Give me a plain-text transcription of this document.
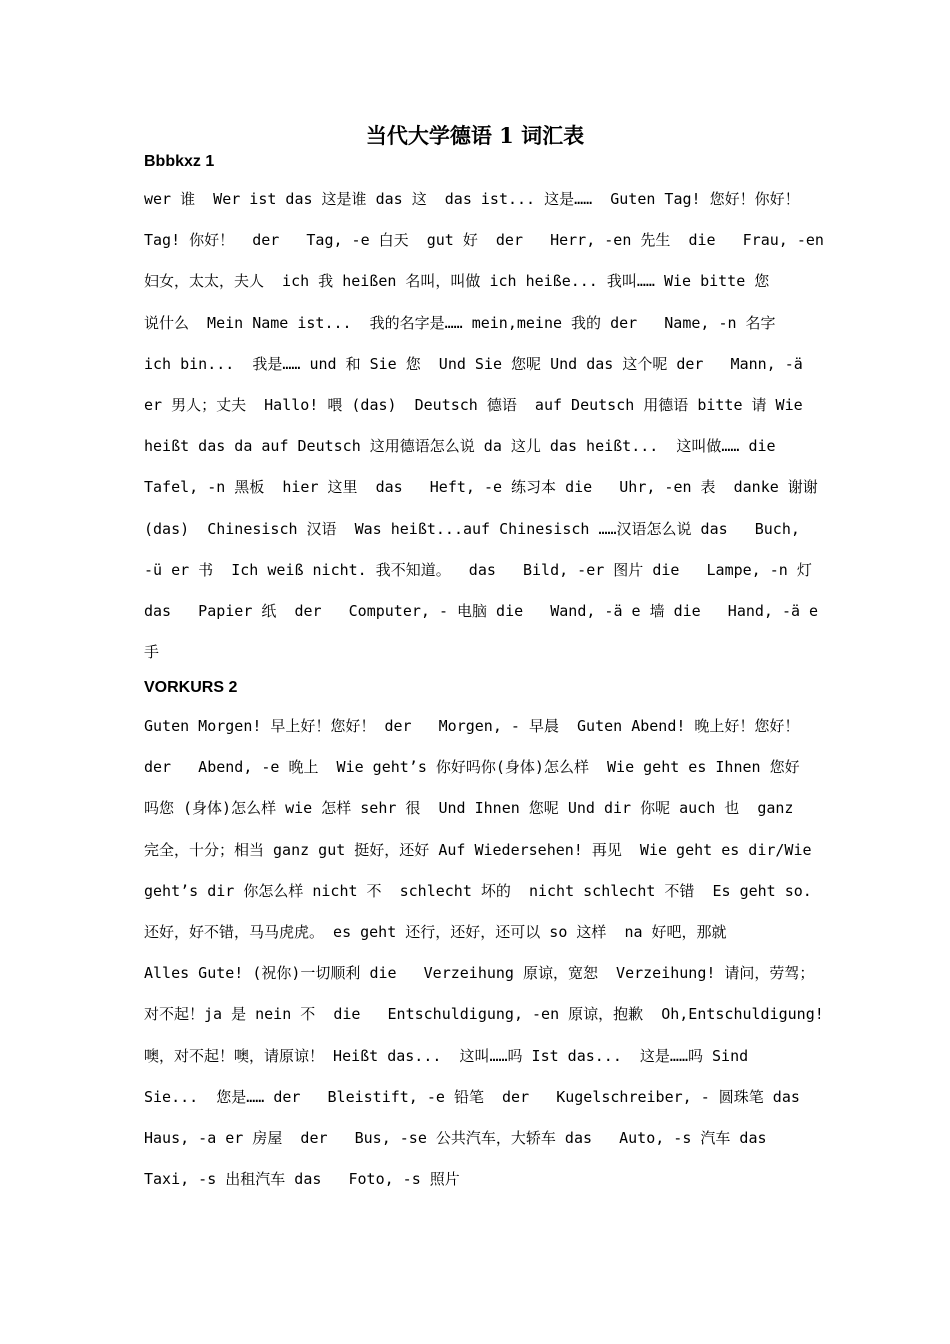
当代大学德语 1 词汇表
Bbbkxz 1
wer 谁  Wer ist das 这是谁 das 这  das ist... 这是……  Guten Tag! 您好！你好！
Tag! 你好！  der   Tag, -e 白天  gut 好  der   Herr, -en 先生  die   Frau, -en
妇女，太太，夫人  ich 我 heißen 名叫，叫做 ich heiße... 我叫…… Wie bitte 您
说什么  Mein Name ist...  我的名字是…… mein,meine 我的 der   Name, -n 名字
ich bin...  我是…… und 和 Sie 您  Und Sie 您呢 Und das 这个呢 der   Mann, -ä
er 男人；丈夫  Hallo! 喂 (das)  Deutsch 德语  auf Deutsch 用德语 bitte 请 Wie
heißt das da auf Deutsch 这用德语怎么说 da 这儿 das heißt...  这叫做…… die
Tafel, -n 黑板  hier 这里  das   Heft, -e 练习本 die   Uhr, -en 表  danke 谢谢
(das)  Chinesisch 汉语  Was heißt...auf Chinesisch ……汉语怎么说 das   Buch,
-ü er 书  Ich weiß nicht. 我不知道。  das   Bild, -er 图片 die   Lampe, -n 灯
das   Papier 纸  der   Computer, - 电脑 die   Wand, -ä e 墙 die   Hand, -ä e
手
VORKURS 2
Guten Morgen! 早上好！您好！ der   Morgen, - 早晨  Guten Abend! 晚上好！您好！
der   Abend, -e 晚上  Wie geht’s 你好吗你(身体)怎么样  Wie geht es Ihnen 您好
吗您 (身体)怎么样 wie 怎样 sehr 很  Und Ihnen 您呢 Und dir 你呢 auch 也  ganz
完全，十分；相当 ganz gut 挺好，还好 Auf Wiedersehen! 再见  Wie geht es dir/Wie
geht’s dir 你怎么样 nicht 不  schlecht 坏的  nicht schlecht 不错  Es geht so.
还好，好不错，马马虎虎。 es geht 还行，还好，还可以 so 这样  na 好吧，那就
Alles Gute! (祝你)一切顺利 die   Verzeihung 原谅，宽恕  Verzeihung! 请问，劳驾；
对不起！ja 是 nein 不  die   Entschuldigung, -en 原谅，抱歉  Oh,Entschuldigung!
噢，对不起！噢，请原谅！ Heißt das...  这叫……吗 Ist das...  这是……吗 Sind
Sie...  您是…… der   Bleistift, -e 铅笔  der   Kugelschreiber, - 圆珠笔 das
Haus, -a er 房屋  der   Bus, -se 公共汽车，大轿车 das   Auto, -s 汽车 das
Taxi, -s 出租汽车 das   Foto, -s 照片
